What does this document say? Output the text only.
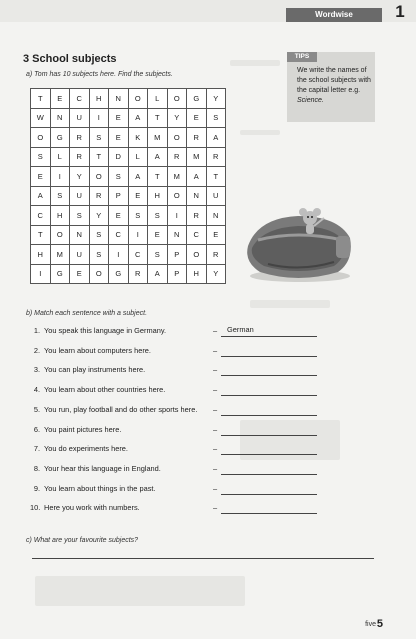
Wordwise	1
3 School subjects
a) Tom has 10 subjects here. Find the subjects.
TIPS
We write the names of the school subjects with the capital letter e.g. Science.
T	E	C	H	N	O	L	O	G	Y
W	N	U	I	E	A	T	Y	E	S
O	G	R	S	E	K	M	O	R	A
S	L	R	T	D	L	A	R	M	R
E	I	Y	O	S	A	T	M	A	T
A	S	U	R	P	E	H	O	N	U
C	H	S	Y	E	S	S	I	R	N
T	O	N	S	C	I	E	N	C	E
H	M	U	S	I	C	S	P	O	R
I	G	E	O	G	R	A	P	H	Y
b) Match each sentence with a subject.
1. You speak this language in Germany.	– German
2. You learn about computers here.	–
3. You can play instruments here.	–
4. You learn about other countries here.	–
5. You run, play football and do other sports here. –
6. You paint pictures here.	–
7. You do experiments here.	–
8. Your hear this language in England.	–
9. You learn about things in the past.	–
10. Here you work with numbers.	–
c) What are your favourite subjects?
five 5
